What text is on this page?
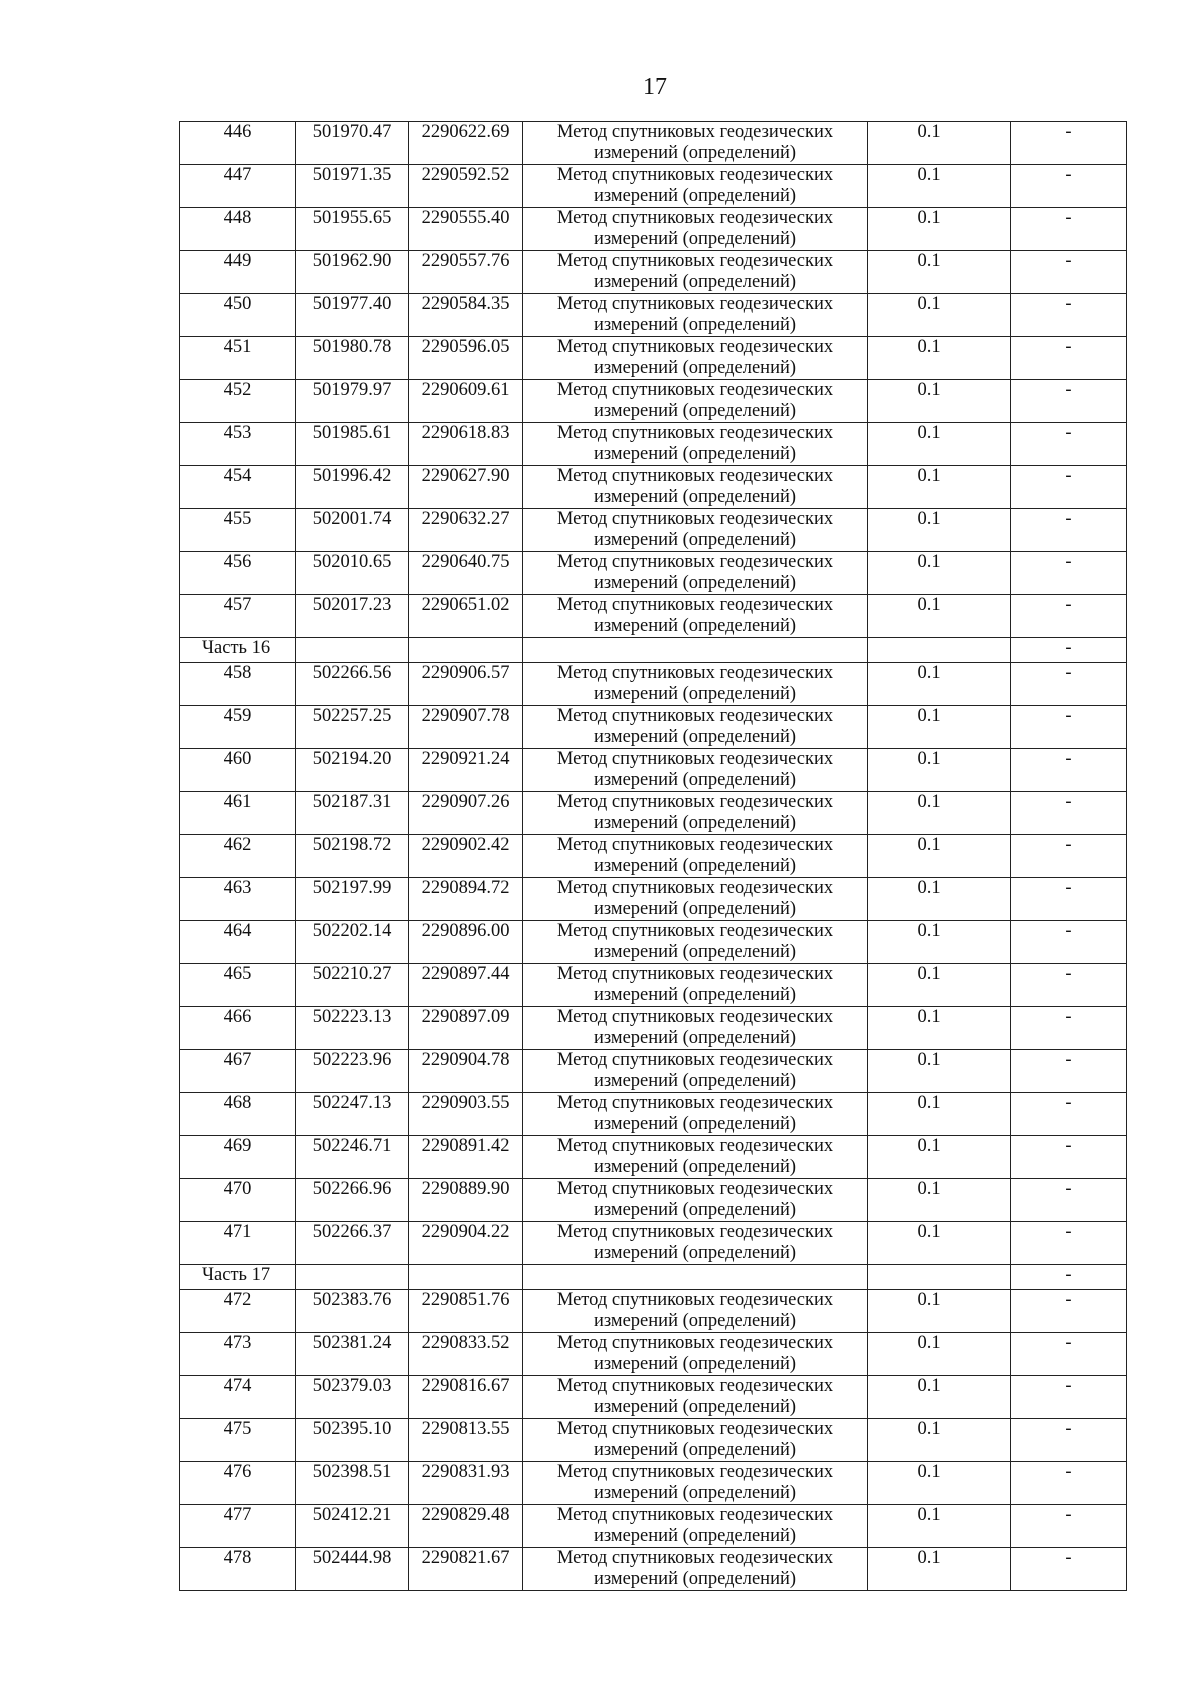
17
446	501970.47	2290622.69	Метод спутниковых геодезических измерений (определений)	0.1	-
447	501971.35	2290592.52	Метод спутниковых геодезических измерений (определений)	0.1	-
448	501955.65	2290555.40	Метод спутниковых геодезических измерений (определений)	0.1	-
449	501962.90	2290557.76	Метод спутниковых геодезических измерений (определений)	0.1	-
450	501977.40	2290584.35	Метод спутниковых геодезических измерений (определений)	0.1	-
451	501980.78	2290596.05	Метод спутниковых геодезических измерений (определений)	0.1	-
452	501979.97	2290609.61	Метод спутниковых геодезических измерений (определений)	0.1	-
453	501985.61	2290618.83	Метод спутниковых геодезических измерений (определений)	0.1	-
454	501996.42	2290627.90	Метод спутниковых геодезических измерений (определений)	0.1	-
455	502001.74	2290632.27	Метод спутниковых геодезических измерений (определений)	0.1	-
456	502010.65	2290640.75	Метод спутниковых геодезических измерений (определений)	0.1	-
457	502017.23	2290651.02	Метод спутниковых геодезических измерений (определений)	0.1	-
Часть 16					-
458	502266.56	2290906.57	Метод спутниковых геодезических измерений (определений)	0.1	-
459	502257.25	2290907.78	Метод спутниковых геодезических измерений (определений)	0.1	-
460	502194.20	2290921.24	Метод спутниковых геодезических измерений (определений)	0.1	-
461	502187.31	2290907.26	Метод спутниковых геодезических измерений (определений)	0.1	-
462	502198.72	2290902.42	Метод спутниковых геодезических измерений (определений)	0.1	-
463	502197.99	2290894.72	Метод спутниковых геодезических измерений (определений)	0.1	-
464	502202.14	2290896.00	Метод спутниковых геодезических измерений (определений)	0.1	-
465	502210.27	2290897.44	Метод спутниковых геодезических измерений (определений)	0.1	-
466	502223.13	2290897.09	Метод спутниковых геодезических измерений (определений)	0.1	-
467	502223.96	2290904.78	Метод спутниковых геодезических измерений (определений)	0.1	-
468	502247.13	2290903.55	Метод спутниковых геодезических измерений (определений)	0.1	-
469	502246.71	2290891.42	Метод спутниковых геодезических измерений (определений)	0.1	-
470	502266.96	2290889.90	Метод спутниковых геодезических измерений (определений)	0.1	-
471	502266.37	2290904.22	Метод спутниковых геодезических измерений (определений)	0.1	-
Часть 17					-
472	502383.76	2290851.76	Метод спутниковых геодезических измерений (определений)	0.1	-
473	502381.24	2290833.52	Метод спутниковых геодезических измерений (определений)	0.1	-
474	502379.03	2290816.67	Метод спутниковых геодезических измерений (определений)	0.1	-
475	502395.10	2290813.55	Метод спутниковых геодезических измерений (определений)	0.1	-
476	502398.51	2290831.93	Метод спутниковых геодезических измерений (определений)	0.1	-
477	502412.21	2290829.48	Метод спутниковых геодезических измерений (определений)	0.1	-
478	502444.98	2290821.67	Метод спутниковых геодезических измерений (определений)	0.1	-
